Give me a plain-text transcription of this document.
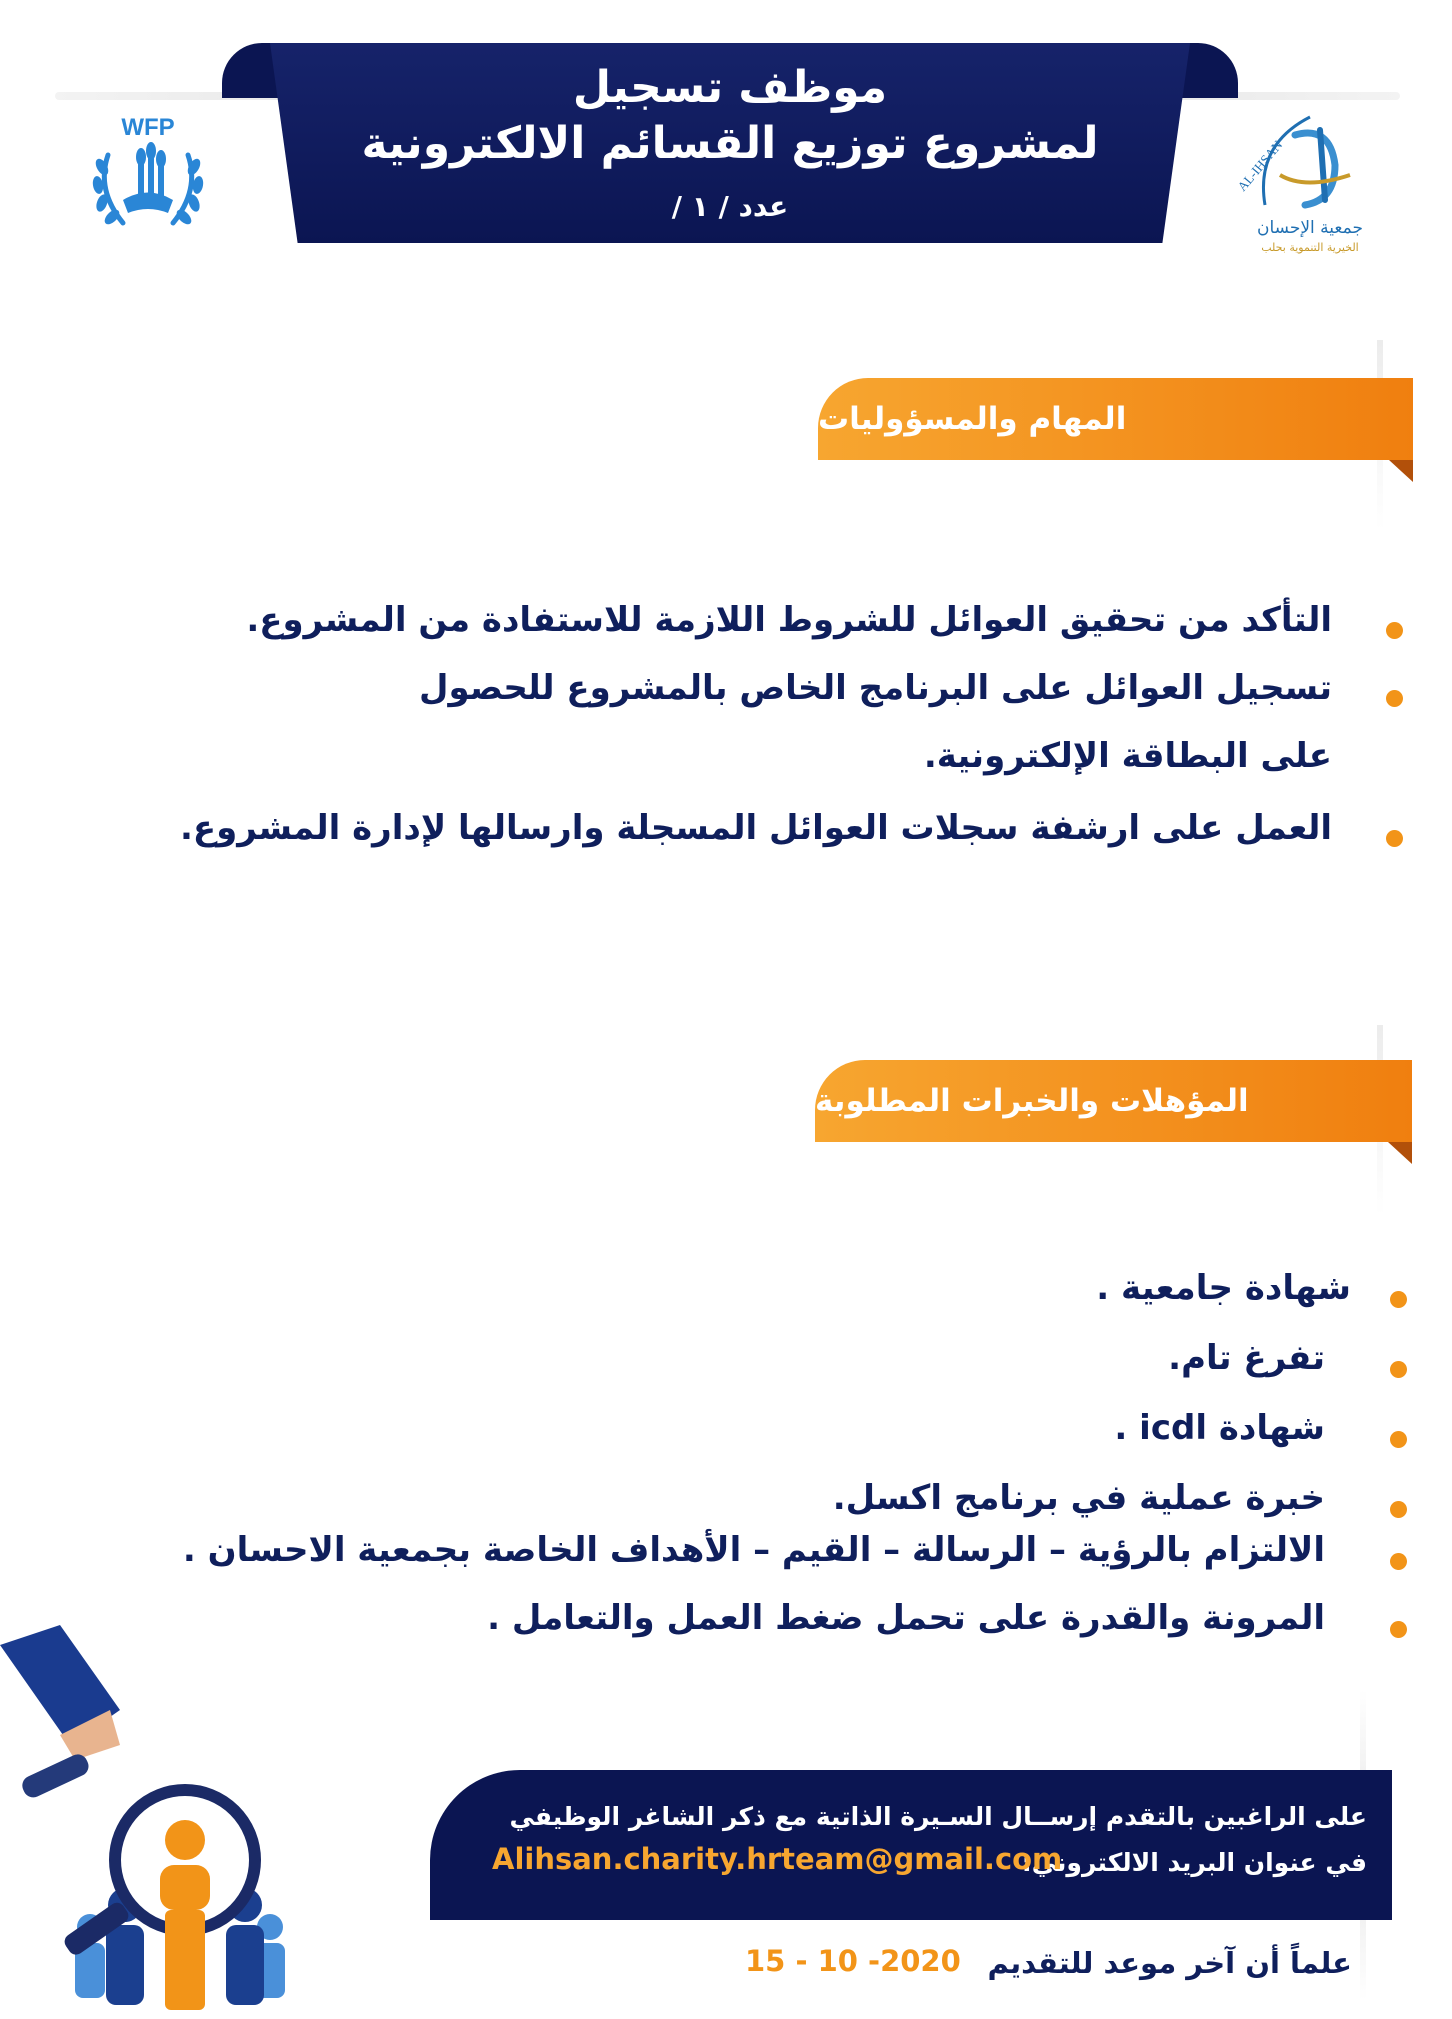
موظف تسجيل
لمشروع توزيع القسائم الالكترونية
عدد / ١ /
WFP
AL-IHSAN
جمعية الإحسان
الخيرية التنموية بحلب
المهام والمسؤوليات
التأكد من تحقيق العوائل للشروط اللازمة للاستفادة من المشروع.
تسجيل العوائل على البرنامج الخاص بالمشروع للحصول
على البطاقة الإلكترونية.
العمل على ارشفة سجلات العوائل المسجلة وارسالها لإدارة المشروع.
المؤهلات والخبرات المطلوبة
شهادة جامعية .
تفرغ تام.
شهادة icdl .
خبرة عملية في برنامج اكسل.
الالتزام بالرؤية – الرسالة – القيم – الأهداف الخاصة بجمعية الاحسان .
المرونة والقدرة على تحمل ضغط العمل والتعامل .
على الراغبين بالتقدم إرســال السـيرة الذاتية مع ذكر الشاغر الوظيفي
في عنوان البريد الالكتروني:
Alihsan.charity.hrteam@gmail.com
علماً أن آخر موعد للتقديم
15 - 10 -2020
